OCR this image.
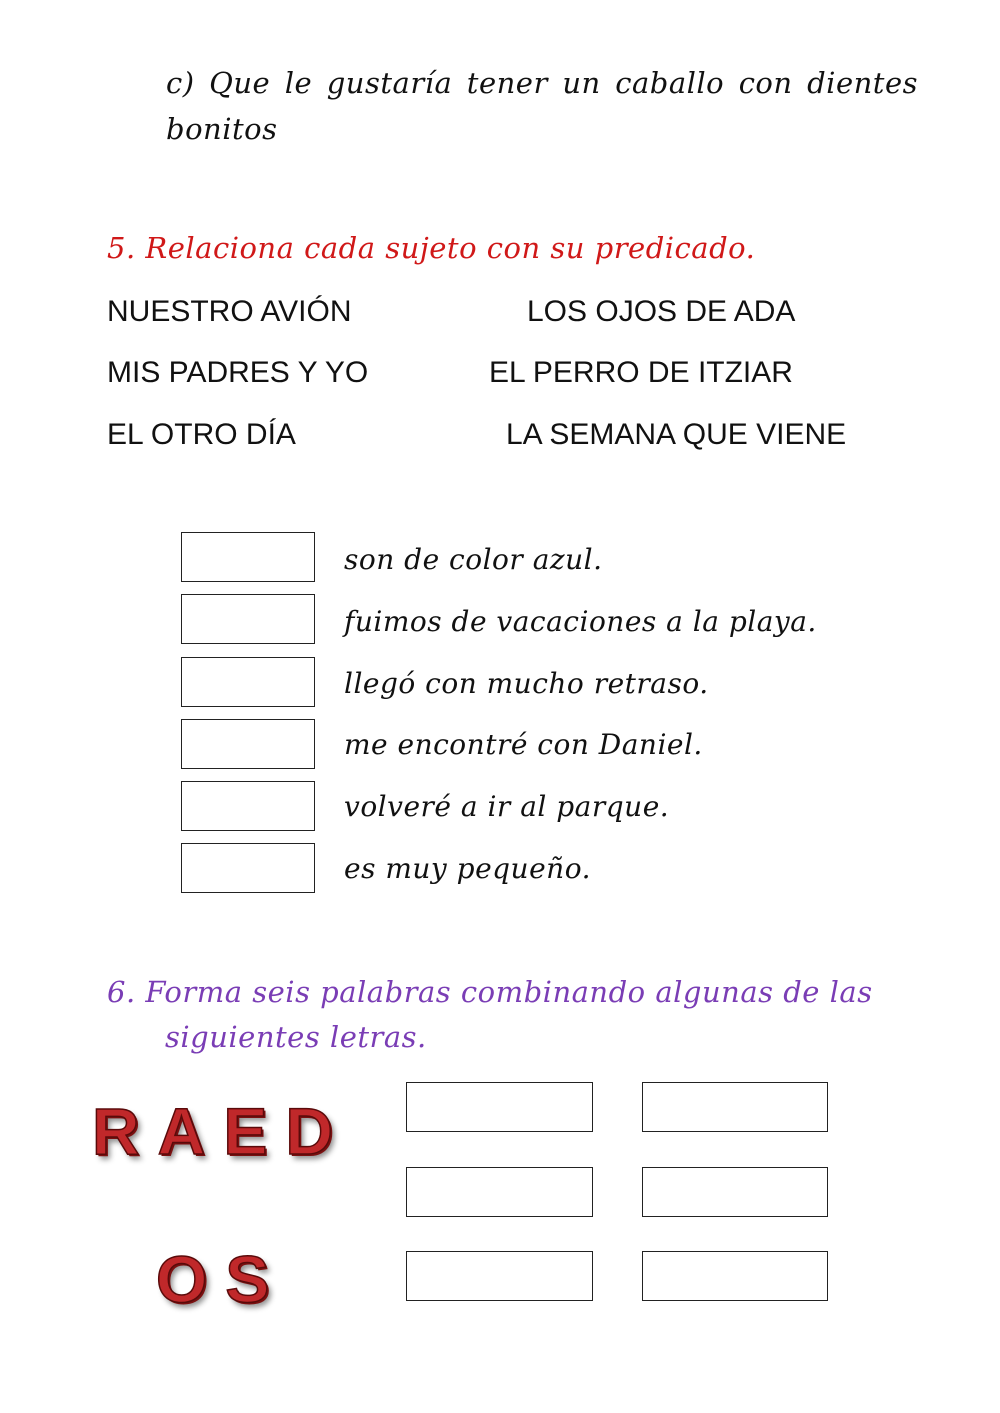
c) Que le gustaría tener un caballo con dientes bonitos
5. Relaciona cada sujeto con su predicado.
NUESTRO AVIÓN	LOS OJOS DE ADA
MIS PADRES Y YO	EL PERRO DE ITZIAR
EL OTRO DÍA	LA SEMANA QUE VIENE
son de color azul.
fuimos de vacaciones a la playa.
llegó con mucho retraso.
me encontré con Daniel.
volveré a ir al parque.
es muy pequeño.
6. Forma seis palabras combinando algunas de las
siguientes letras.
RAED
OS
